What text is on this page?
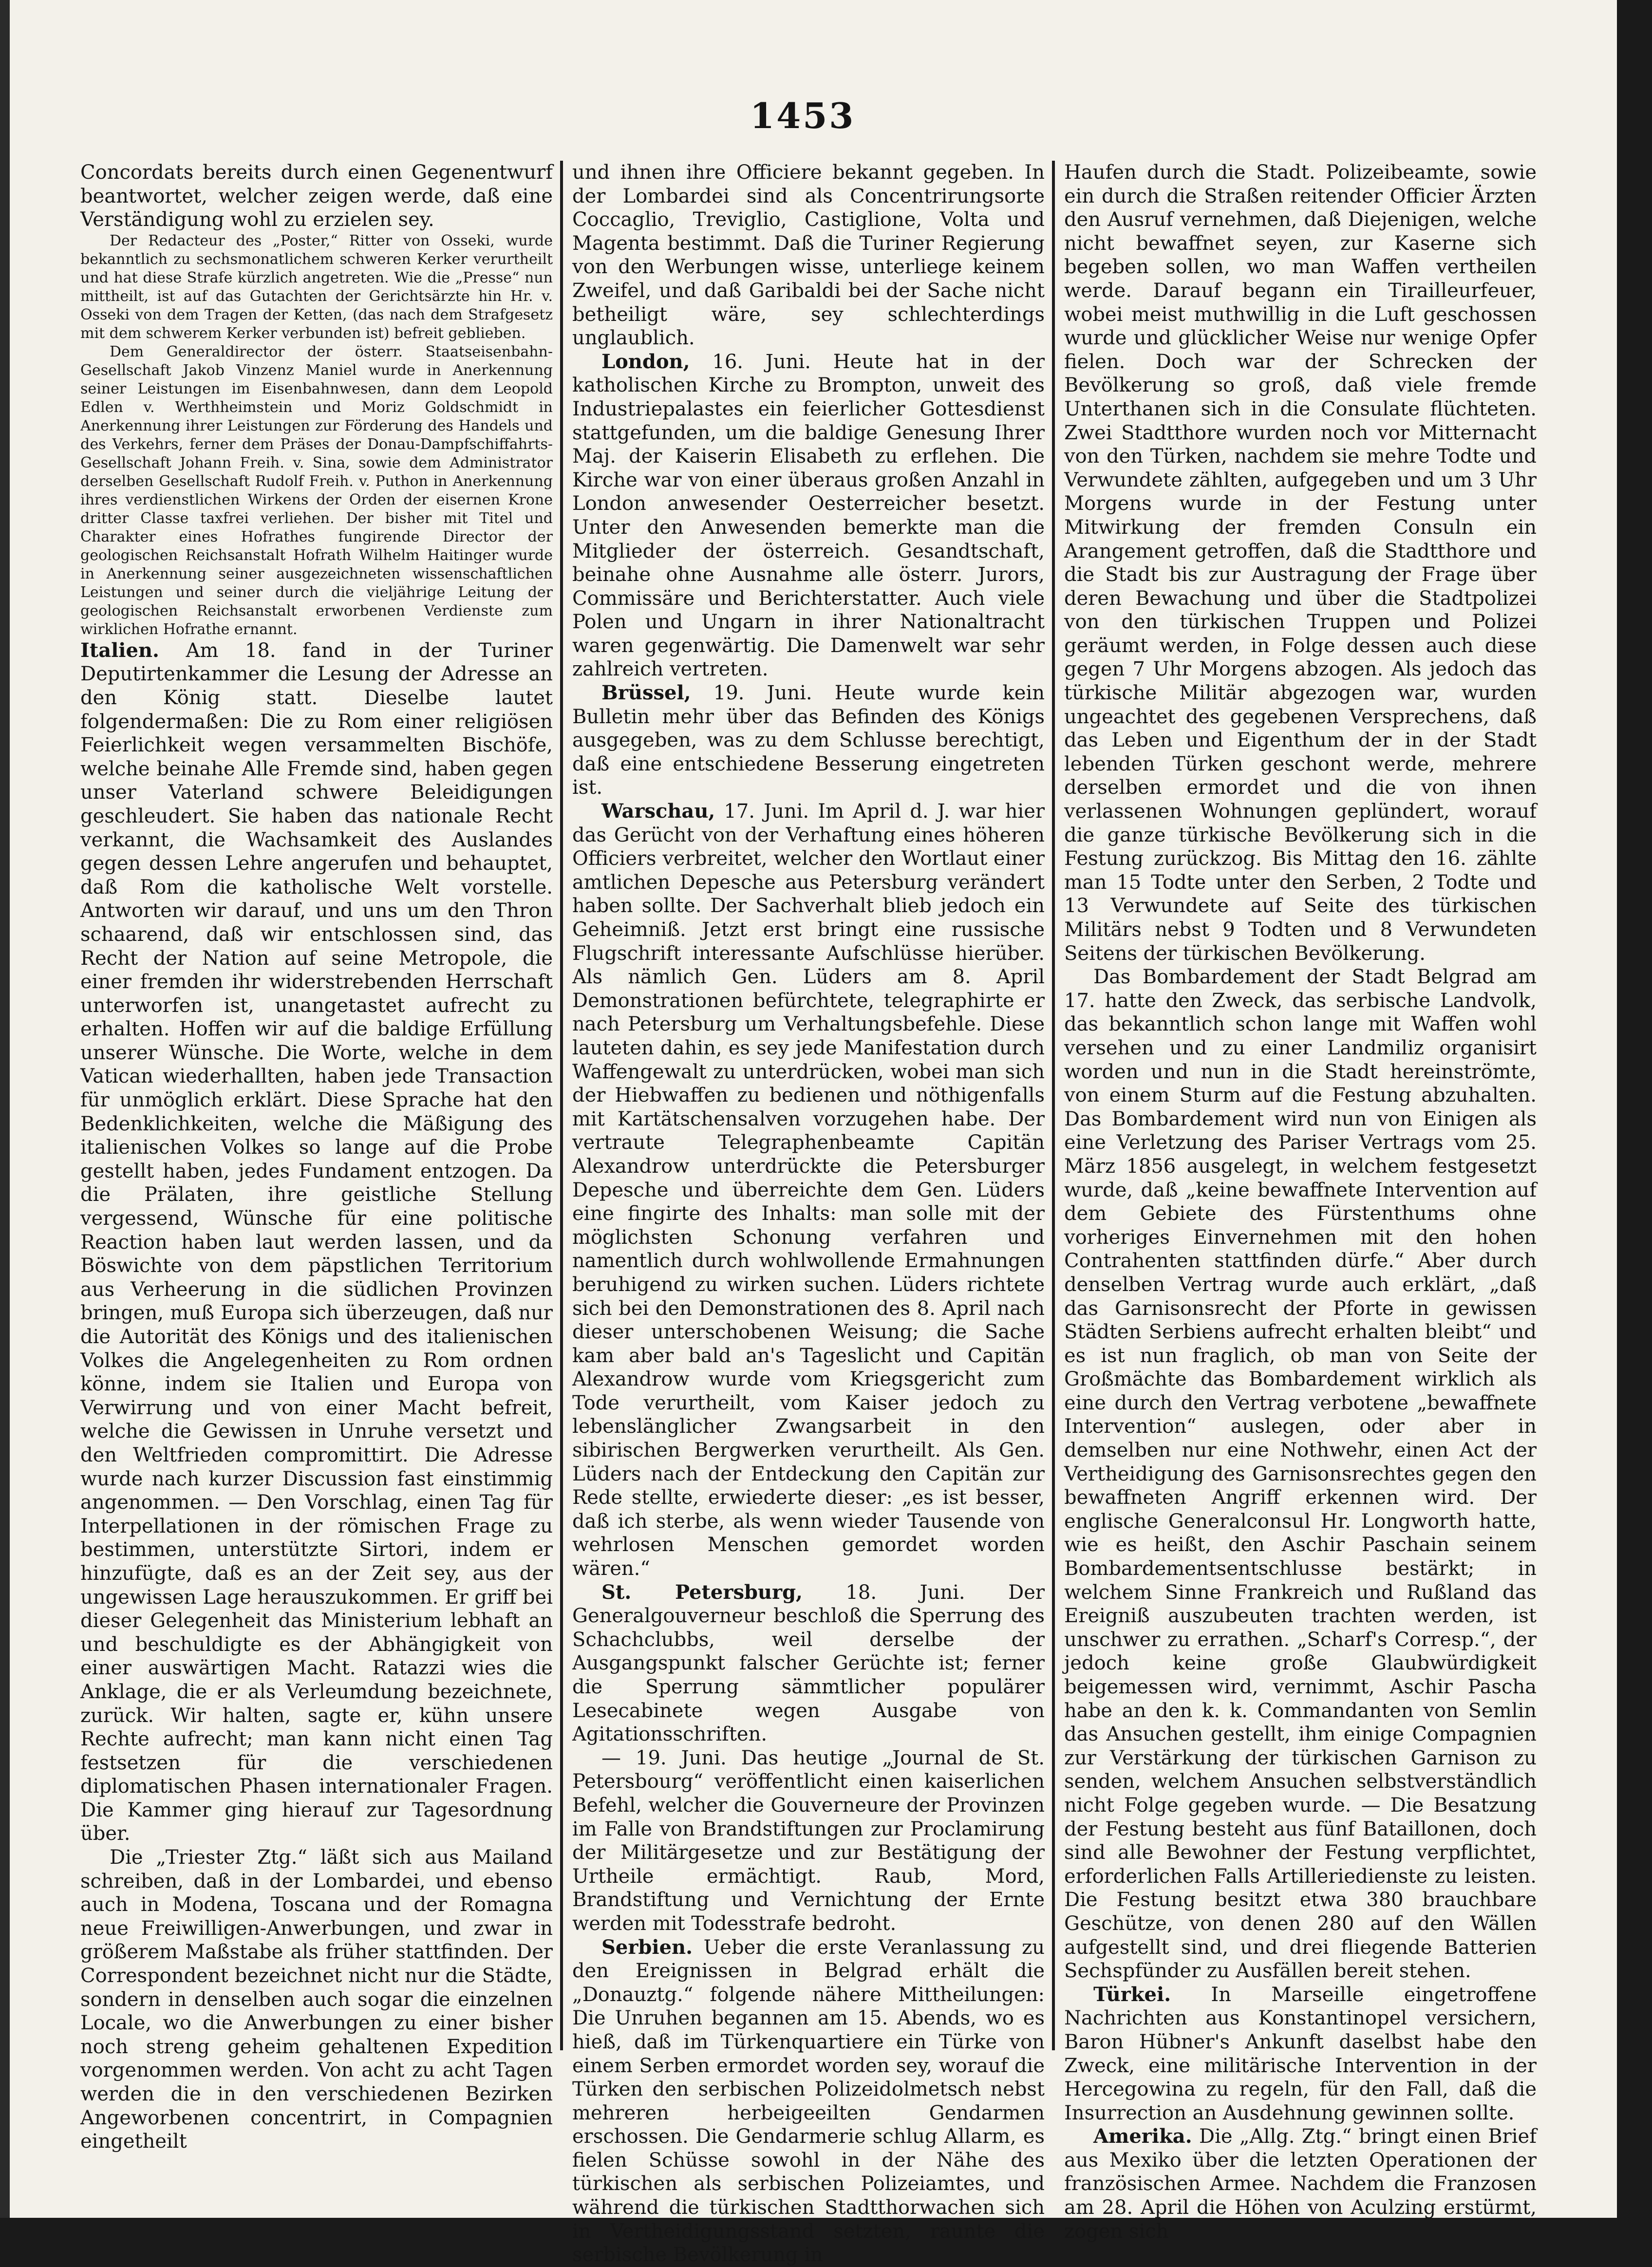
1453

Concordats bereits durch einen Gegenentwurf beantwortet, welcher zeigen werde, daß eine Verständigung wohl zu erzielen sey.

Der Redacteur des „Poster,“ Ritter von Osseki, wurde bekanntlich zu sechsmonatlichem schweren Kerker verurtheilt und hat diese Strafe kürzlich angetreten. Wie die „Presse“ nun mittheilt, ist auf das Gutachten der Gerichtsärzte hin Hr. v. Osseki von dem Tragen der Ketten, (das nach dem Strafgesetz mit dem schwerem Kerker verbunden ist) befreit geblieben.

Dem Generaldirector der österr. Staatseisenbahn-Gesellschaft Jakob Vinzenz Maniel wurde in Anerkennung seiner Leistungen im Eisenbahnwesen, dann dem Leopold Edlen v. Werthheimstein und Moriz Goldschmidt in Anerkennung ihrer Leistungen zur Förderung des Handels und des Verkehrs, ferner dem Präses der Donau-Dampfschiffahrts-Gesellschaft Johann Freih. v. Sina, sowie dem Administrator derselben Gesellschaft Rudolf Freih. v. Puthon in Anerkennung ihres verdienstlichen Wirkens der Orden der eisernen Krone dritter Classe taxfrei verliehen. Der bisher mit Titel und Charakter eines Hofrathes fungirende Director der geologischen Reichsanstalt Hofrath Wilhelm Haitinger wurde in Anerkennung seiner ausgezeichneten wissenschaftlichen Leistungen und seiner durch die vieljährige Leitung der geologischen Reichsanstalt erworbenen Verdienste zum wirklichen Hofrathe ernannt.

Italien. Am 18. fand in der Turiner Deputirtenkammer die Lesung der Adresse an den König statt. Dieselbe lautet folgendermaßen: Die zu Rom einer religiösen Feierlichkeit wegen versammelten Bischöfe, welche beinahe Alle Fremde sind, haben gegen unser Vaterland schwere Beleidigungen geschleudert. Sie haben das nationale Recht verkannt, die Wachsamkeit des Auslandes gegen dessen Lehre angerufen und behauptet, daß Rom die katholische Welt vorstelle. Antworten wir darauf, und uns um den Thron schaarend, daß wir entschlossen sind, das Recht der Nation auf seine Metropole, die einer fremden ihr widerstrebenden Herrschaft unterworfen ist, unangetastet aufrecht zu erhalten. Hoffen wir auf die baldige Erfüllung unserer Wünsche. Die Worte, welche in dem Vatican wiederhallten, haben jede Transaction für unmöglich erklärt. Diese Sprache hat den Bedenklichkeiten, welche die Mäßigung des italienischen Volkes so lange auf die Probe gestellt haben, jedes Fundament entzogen. Da die Prälaten, ihre geistliche Stellung vergessend, Wünsche für eine politische Reaction haben laut werden lassen, und da Böswichte von dem päpstlichen Territorium aus Verheerung in die südlichen Provinzen bringen, muß Europa sich überzeugen, daß nur die Autorität des Königs und des italienischen Volkes die Angelegenheiten zu Rom ordnen könne, indem sie Italien und Europa von Verwirrung und von einer Macht befreit, welche die Gewissen in Unruhe versetzt und den Weltfrieden compromittirt. Die Adresse wurde nach kurzer Discussion fast einstimmig angenommen. — Den Vorschlag, einen Tag für Interpellationen in der römischen Frage zu bestimmen, unterstützte Sirtori, indem er hinzufügte, daß es an der Zeit sey, aus der ungewissen Lage herauszukommen. Er griff bei dieser Gelegenheit das Ministerium lebhaft an und beschuldigte es der Abhängigkeit von einer auswärtigen Macht. Ratazzi wies die Anklage, die er als Verleumdung bezeichnete, zurück. Wir halten, sagte er, kühn unsere Rechte aufrecht; man kann nicht einen Tag festsetzen für die verschiedenen diplomatischen Phasen internationaler Fragen. Die Kammer ging hierauf zur Tagesordnung über.

Die „Triester Ztg.“ läßt sich aus Mailand schreiben, daß in der Lombardei, und ebenso auch in Modena, Toscana und der Romagna neue Freiwilligen-Anwerbungen, und zwar in größerem Maßstabe als früher stattfinden. Der Correspondent bezeichnet nicht nur die Städte, sondern in denselben auch sogar die einzelnen Locale, wo die Anwerbungen zu einer bisher noch streng geheim gehaltenen Expedition vorgenommen werden. Von acht zu acht Tagen werden die in den verschiedenen Bezirken Angeworbenen concentrirt, in Compagnien eingetheilt

und ihnen ihre Officiere bekannt gegeben. In der Lombardei sind als Concentrirungsorte Coccaglio, Treviglio, Castiglione, Volta und Magenta bestimmt. Daß die Turiner Regierung von den Werbungen wisse, unterliege keinem Zweifel, und daß Garibaldi bei der Sache nicht betheiligt wäre, sey schlechterdings unglaublich.

London, 16. Juni. Heute hat in der katholischen Kirche zu Brompton, unweit des Industriepalastes ein feierlicher Gottesdienst stattgefunden, um die baldige Genesung Ihrer Maj. der Kaiserin Elisabeth zu erflehen. Die Kirche war von einer überaus großen Anzahl in London anwesender Oesterreicher besetzt. Unter den Anwesenden bemerkte man die Mitglieder der österreich. Gesandtschaft, beinahe ohne Ausnahme alle österr. Jurors, Commissäre und Berichterstatter. Auch viele Polen und Ungarn in ihrer Nationaltracht waren gegenwärtig. Die Damenwelt war sehr zahlreich vertreten.

Brüssel, 19. Juni. Heute wurde kein Bulletin mehr über das Befinden des Königs ausgegeben, was zu dem Schlusse berechtigt, daß eine entschiedene Besserung eingetreten ist.

Warschau, 17. Juni. Im April d. J. war hier das Gerücht von der Verhaftung eines höheren Officiers verbreitet, welcher den Wortlaut einer amtlichen Depesche aus Petersburg verändert haben sollte. Der Sachverhalt blieb jedoch ein Geheimniß. Jetzt erst bringt eine russische Flugschrift interessante Aufschlüsse hierüber. Als nämlich Gen. Lüders am 8. April Demonstrationen befürchtete, telegraphirte er nach Petersburg um Verhaltungsbefehle. Diese lauteten dahin, es sey jede Manifestation durch Waffengewalt zu unterdrücken, wobei man sich der Hiebwaffen zu bedienen und nöthigenfalls mit Kartätschensalven vorzugehen habe. Der vertraute Telegraphenbeamte Capitän Alexandrow unterdrückte die Petersburger Depesche und überreichte dem Gen. Lüders eine fingirte des Inhalts: man solle mit der möglichsten Schonung verfahren und namentlich durch wohlwollende Ermahnungen beruhigend zu wirken suchen. Lüders richtete sich bei den Demonstrationen des 8. April nach dieser unterschobenen Weisung; die Sache kam aber bald an's Tageslicht und Capitän Alexandrow wurde vom Kriegsgericht zum Tode verurtheilt, vom Kaiser jedoch zu lebenslänglicher Zwangsarbeit in den sibirischen Bergwerken verurtheilt. Als Gen. Lüders nach der Entdeckung den Capitän zur Rede stellte, erwiederte dieser: „es ist besser, daß ich sterbe, als wenn wieder Tausende von wehrlosen Menschen gemordet worden wären.“

St. Petersburg, 18. Juni. Der Generalgouverneur beschloß die Sperrung des Schachclubbs, weil derselbe der Ausgangspunkt falscher Gerüchte ist; ferner die Sperrung sämmtlicher populärer Lesecabinete wegen Ausgabe von Agitationsschriften.

— 19. Juni. Das heutige „Journal de St. Petersbourg“ veröffentlicht einen kaiserlichen Befehl, welcher die Gouverneure der Provinzen im Falle von Brandstiftungen zur Proclamirung der Militärgesetze und zur Bestätigung der Urtheile ermächtigt. Raub, Mord, Brandstiftung und Vernichtung der Ernte werden mit Todesstrafe bedroht.

Serbien. Ueber die erste Veranlassung zu den Ereignissen in Belgrad erhält die „Donauztg.“ folgende nähere Mittheilungen: Die Unruhen begannen am 15. Abends, wo es hieß, daß im Türkenquartiere ein Türke von einem Serben ermordet worden sey, worauf die Türken den serbischen Polizeidolmetsch nebst mehreren herbeigeeilten Gendarmen erschossen. Die Gendarmerie schlug Allarm, es fielen Schüsse sowohl in der Nähe des türkischen als serbischen Polizeiamtes, und während die türkischen Stadtthorwachen sich in Vertheidigungsstand setzten, raunte die serbische Bevölkerung in

Haufen durch die Stadt. Polizeibeamte, sowie ein durch die Straßen reitender Officier Ärzten den Ausruf vernehmen, daß Diejenigen, welche nicht bewaffnet seyen, zur Kaserne sich begeben sollen, wo man Waffen vertheilen werde. Darauf begann ein Tirailleurfeuer, wobei meist muthwillig in die Luft geschossen wurde und glücklicher Weise nur wenige Opfer fielen. Doch war der Schrecken der Bevölkerung so groß, daß viele fremde Unterthanen sich in die Consulate flüchteten. Zwei Stadtthore wurden noch vor Mitternacht von den Türken, nachdem sie mehre Todte und Verwundete zählten, aufgegeben und um 3 Uhr Morgens wurde in der Festung unter Mitwirkung der fremden Consuln ein Arangement getroffen, daß die Stadtthore und die Stadt bis zur Austragung der Frage über deren Bewachung und über die Stadtpolizei von den türkischen Truppen und Polizei geräumt werden, in Folge dessen auch diese gegen 7 Uhr Morgens abzogen. Als jedoch das türkische Militär abgezogen war, wurden ungeachtet des gegebenen Versprechens, daß das Leben und Eigenthum der in der Stadt lebenden Türken geschont werde, mehrere derselben ermordet und die von ihnen verlassenen Wohnungen geplündert, worauf die ganze türkische Bevölkerung sich in die Festung zurückzog. Bis Mittag den 16. zählte man 15 Todte unter den Serben, 2 Todte und 13 Verwundete auf Seite des türkischen Militärs nebst 9 Todten und 8 Verwundeten Seitens der türkischen Bevölkerung.

Das Bombardement der Stadt Belgrad am 17. hatte den Zweck, das serbische Landvolk, das bekanntlich schon lange mit Waffen wohl versehen und zu einer Landmiliz organisirt worden und nun in die Stadt hereinströmte, von einem Sturm auf die Festung abzuhalten. Das Bombardement wird nun von Einigen als eine Verletzung des Pariser Vertrags vom 25. März 1856 ausgelegt, in welchem festgesetzt wurde, daß „keine bewaffnete Intervention auf dem Gebiete des Fürstenthums ohne vorheriges Einvernehmen mit den hohen Contrahenten stattfinden dürfe.“ Aber durch denselben Vertrag wurde auch erklärt, „daß das Garnisonsrecht der Pforte in gewissen Städten Serbiens aufrecht erhalten bleibt“ und es ist nun fraglich, ob man von Seite der Großmächte das Bombardement wirklich als eine durch den Vertrag verbotene „bewaffnete Intervention“ auslegen, oder aber in demselben nur eine Nothwehr, einen Act der Vertheidigung des Garnisonsrechtes gegen den bewaffneten Angriff erkennen wird. Der englische Generalconsul Hr. Longworth hatte, wie es heißt, den Aschir Paschain seinem Bombardementsentschlusse bestärkt; in welchem Sinne Frankreich und Rußland das Ereigniß auszubeuten trachten werden, ist unschwer zu errathen. „Scharf's Corresp.“, der jedoch keine große Glaubwürdigkeit beigemessen wird, vernimmt, Aschir Pascha habe an den k. k. Commandanten von Semlin das Ansuchen gestellt, ihm einige Compagnien zur Verstärkung der türkischen Garnison zu senden, welchem Ansuchen selbstverständlich nicht Folge gegeben wurde. — Die Besatzung der Festung besteht aus fünf Bataillonen, doch sind alle Bewohner der Festung verpflichtet, erforderlichen Falls Artilleriedienste zu leisten. Die Festung besitzt etwa 380 brauchbare Geschütze, von denen 280 auf den Wällen aufgestellt sind, und drei fliegende Batterien Sechspfünder zu Ausfällen bereit stehen.

Türkei. In Marseille eingetroffene Nachrichten aus Konstantinopel versichern, Baron Hübner's Ankunft daselbst habe den Zweck, eine militärische Intervention in der Hercegowina zu regeln, für den Fall, daß die Insurrection an Ausdehnung gewinnen sollte.

Amerika. Die „Allg. Ztg.“ bringt einen Brief aus Mexiko über die letzten Operationen der französischen Armee. Nachdem die Franzosen am 28. April die Höhen von Aculzing erstürmt, zogen sich
